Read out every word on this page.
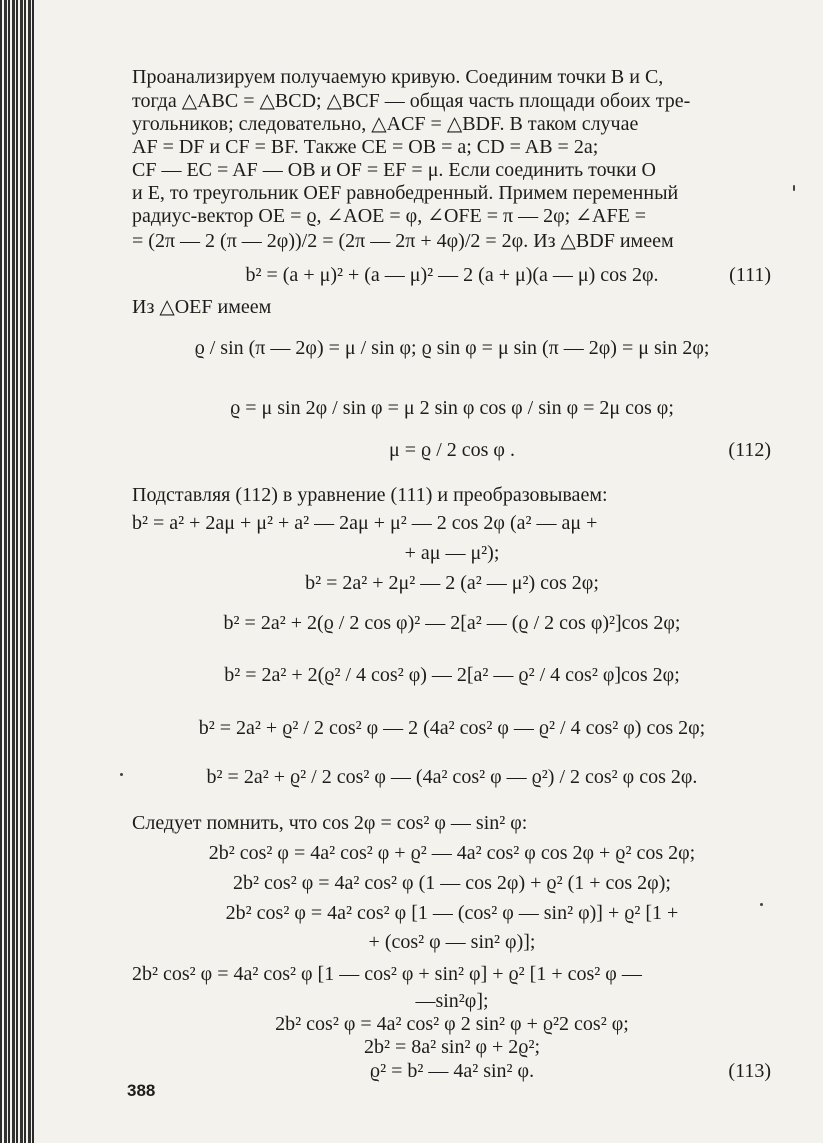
Проанализируем получаемую кривую. Соединим точки B и C,
тогда △ABC = △BCD; △BCF — общая часть площади обоих тре-
угольников; следовательно, △ACF = △BDF. В таком случае
AF = DF и CF = BF. Также CE = OB = a; CD = AB = 2a;
CF — EC = AF — OB и OF = EF = μ. Если соединить точки O
и E, то треугольник OEF равнобедренный. Примем переменный
радиус-вектор OE = ϱ, ∠AOE = φ, ∠OFE = π — 2φ; ∠AFE =
= (2π — 2 (π — 2φ))/2 = (2π — 2π + 4φ)/2 = 2φ. Из △BDF имеем
b² = (a + μ)² + (a — μ)² — 2 (a + μ)(a — μ) cos 2φ.	(111)
Из △OEF имеем
ϱ / sin (π — 2φ) = μ / sin φ; ϱ sin φ = μ sin (π — 2φ) = μ sin 2φ;
ϱ = μ sin 2φ / sin φ = μ 2 sin φ cos φ / sin φ = 2μ cos φ;
μ = ϱ / 2 cos φ .	(112)
Подставляя (112) в уравнение (111) и преобразовываем:
b² = a² + 2aμ + μ² + a² — 2aμ + μ² — 2 cos 2φ (a² — aμ +
+ aμ — μ²);
b² = 2a² + 2μ² — 2 (a² — μ²) cos 2φ;
b² = 2a² + 2(ϱ / 2 cos φ)² — 2[a² — (ϱ / 2 cos φ)²]cos 2φ;
b² = 2a² + 2(ϱ² / 4 cos² φ) — 2[a² — ϱ² / 4 cos² φ]cos 2φ;
b² = 2a² + ϱ² / 2 cos² φ — 2 (4a² cos² φ — ϱ² / 4 cos² φ) cos 2φ;
b² = 2a² + ϱ² / 2 cos² φ — (4a² cos² φ — ϱ²) / 2 cos² φ cos 2φ.
Следует помнить, что cos 2φ = cos² φ — sin² φ:
2b² cos² φ = 4a² cos² φ + ϱ² — 4a² cos² φ cos 2φ + ϱ² cos 2φ;
2b² cos² φ = 4a² cos² φ (1 — cos 2φ) + ϱ² (1 + cos 2φ);
2b² cos² φ = 4a² cos² φ [1 — (cos² φ — sin² φ)] + ϱ² [1 +
+ (cos² φ — sin² φ)];
2b² cos² φ = 4a² cos² φ [1 — cos² φ + sin² φ] + ϱ² [1 + cos² φ —
—sin²φ];
2b² cos² φ = 4a² cos² φ 2 sin² φ + ϱ²2 cos² φ;
2b² = 8a² sin² φ + 2ϱ²;
ϱ² = b² — 4a² sin² φ.	(113)
388
